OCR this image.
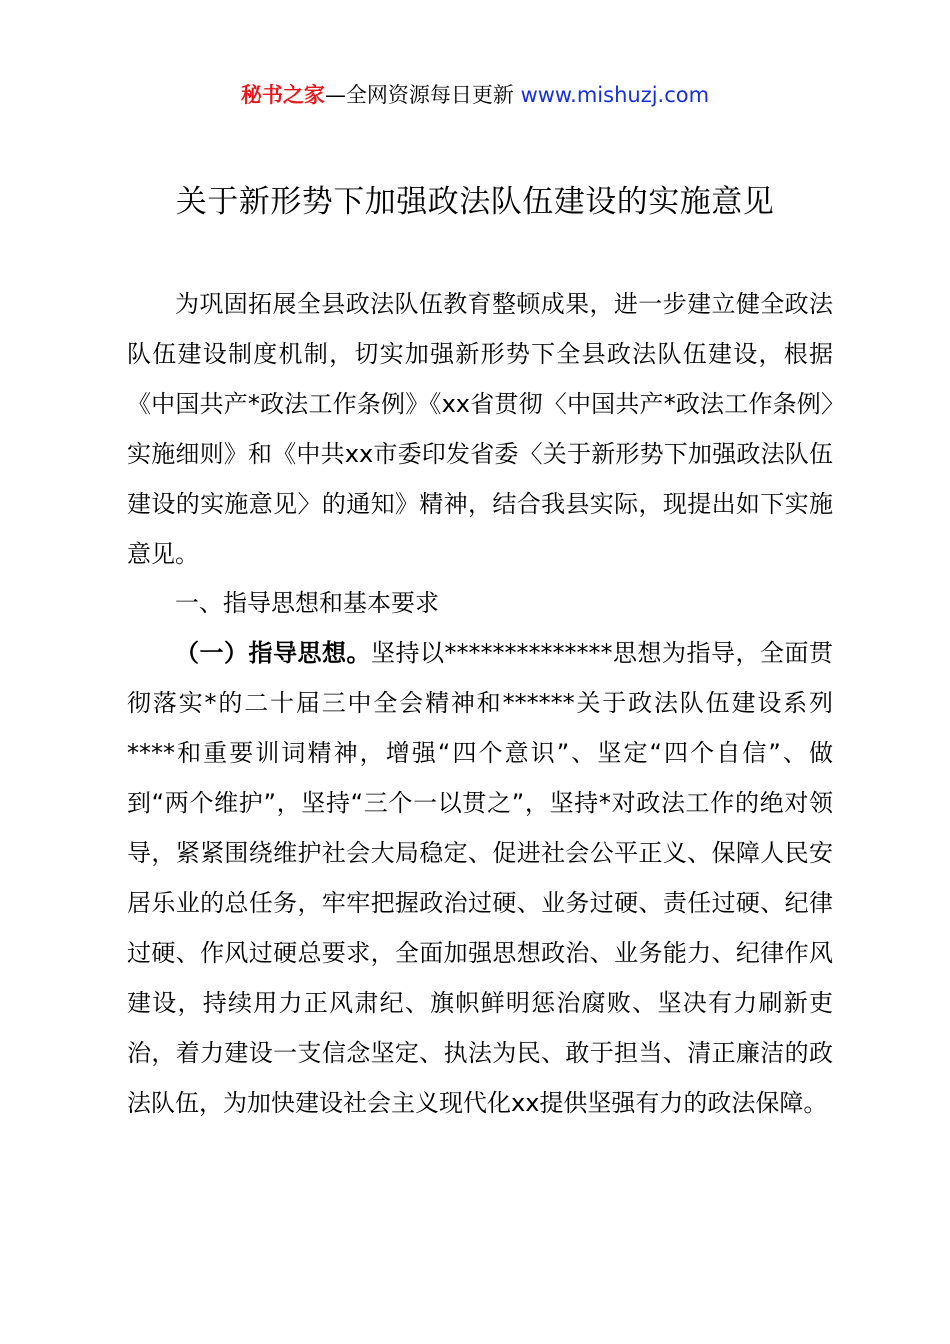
秘书之家—全网资源每日更新 www.mishuzj.com
关于新形势下加强政法队伍建设的实施意见

为巩固拓展全县政法队伍教育整顿成果，进一步建立健全政法队伍建设制度机制，切实加强新形势下全县政法队伍建设，根据《中国共产*政法工作条例》《xx省贯彻〈中国共产*政法工作条例〉实施细则》和《中共xx市委印发省委〈关于新形势下加强政法队伍建设的实施意见〉的通知》精神，结合我县实际，现提出如下实施意见。

一、指导思想和基本要求

（一）指导思想。坚持以**************思想为指导，全面贯彻落实*的二十届三中全会精神和******关于政法队伍建设系列****和重要训词精神，增强“四个意识”、坚定“四个自信”、做到“两个维护”，坚持“三个一以贯之”，坚持*对政法工作的绝对领导，紧紧围绕维护社会大局稳定、促进社会公平正义、保障人民安居乐业的总任务，牢牢把握政治过硬、业务过硬、责任过硬、纪律过硬、作风过硬总要求，全面加强思想政治、业务能力、纪律作风建设，持续用力正风肃纪、旗帜鲜明惩治腐败、坚决有力刷新吏治，着力建设一支信念坚定、执法为民、敢于担当、清正廉洁的政法队伍，为加快建设社会主义现代化xx提供坚强有力的政法保障。
